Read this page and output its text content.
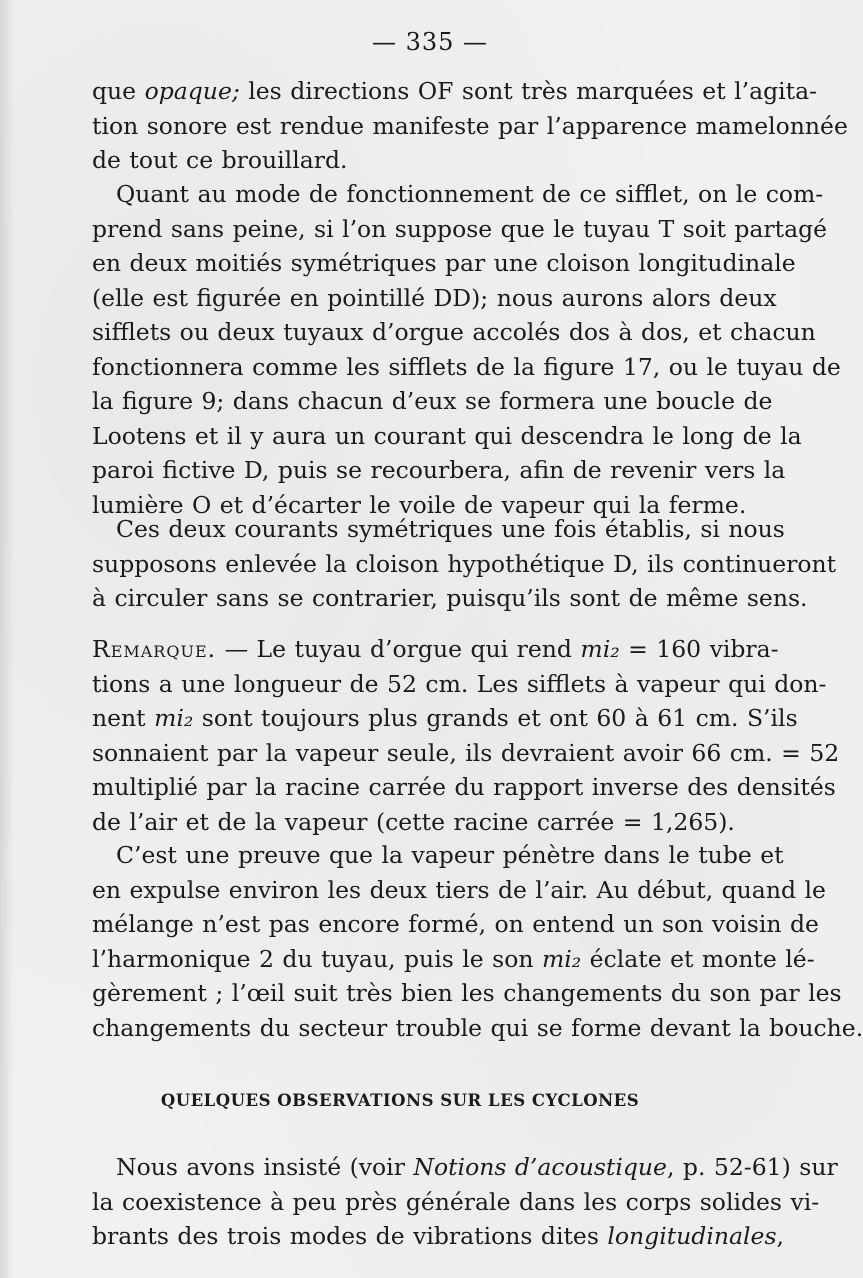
— 335 —
que opaque; les directions OF sont très marquées et l’agita-
tion sonore est rendue manifeste par l’apparence mamelonnée
de tout ce brouillard.
Quant au mode de fonctionnement de ce sifflet, on le com-
prend sans peine, si l’on suppose que le tuyau T soit partagé
en deux moitiés symétriques par une cloison longitudinale
(elle est figurée en pointillé DD); nous aurons alors deux
sifflets ou deux tuyaux d’orgue accolés dos à dos, et chacun
fonctionnera comme les sifflets de la figure 17, ou le tuyau de
la figure 9; dans chacun d’eux se formera une boucle de
Lootens et il y aura un courant qui descendra le long de la
paroi fictive D, puis se recourbera, afin de revenir vers la
lumière O et d’écarter le voile de vapeur qui la ferme.
Ces deux courants symétriques une fois établis, si nous
supposons enlevée la cloison hypothétique D, ils continueront
à circuler sans se contrarier, puisqu’ils sont de même sens.
Remarque. — Le tuyau d’orgue qui rend mi₂ = 160 vibra-
tions a une longueur de 52 cm. Les sifflets à vapeur qui don-
nent mi₂ sont toujours plus grands et ont 60 à 61 cm. S’ils
sonnaient par la vapeur seule, ils devraient avoir 66 cm. = 52
multiplié par la racine carrée du rapport inverse des densités
de l’air et de la vapeur (cette racine carrée = 1,265).
C’est une preuve que la vapeur pénètre dans le tube et
en expulse environ les deux tiers de l’air. Au début, quand le
mélange n’est pas encore formé, on entend un son voisin de
l’harmonique 2 du tuyau, puis le son mi₂ éclate et monte lé-
gèrement ; l’œil suit très bien les changements du son par les
changements du secteur trouble qui se forme devant la bouche.
QUELQUES OBSERVATIONS SUR LES CYCLONES
Nous avons insisté (voir Notions d’acoustique, p. 52-61) sur
la coexistence à peu près générale dans les corps solides vi-
brants des trois modes de vibrations dites longitudinales,
